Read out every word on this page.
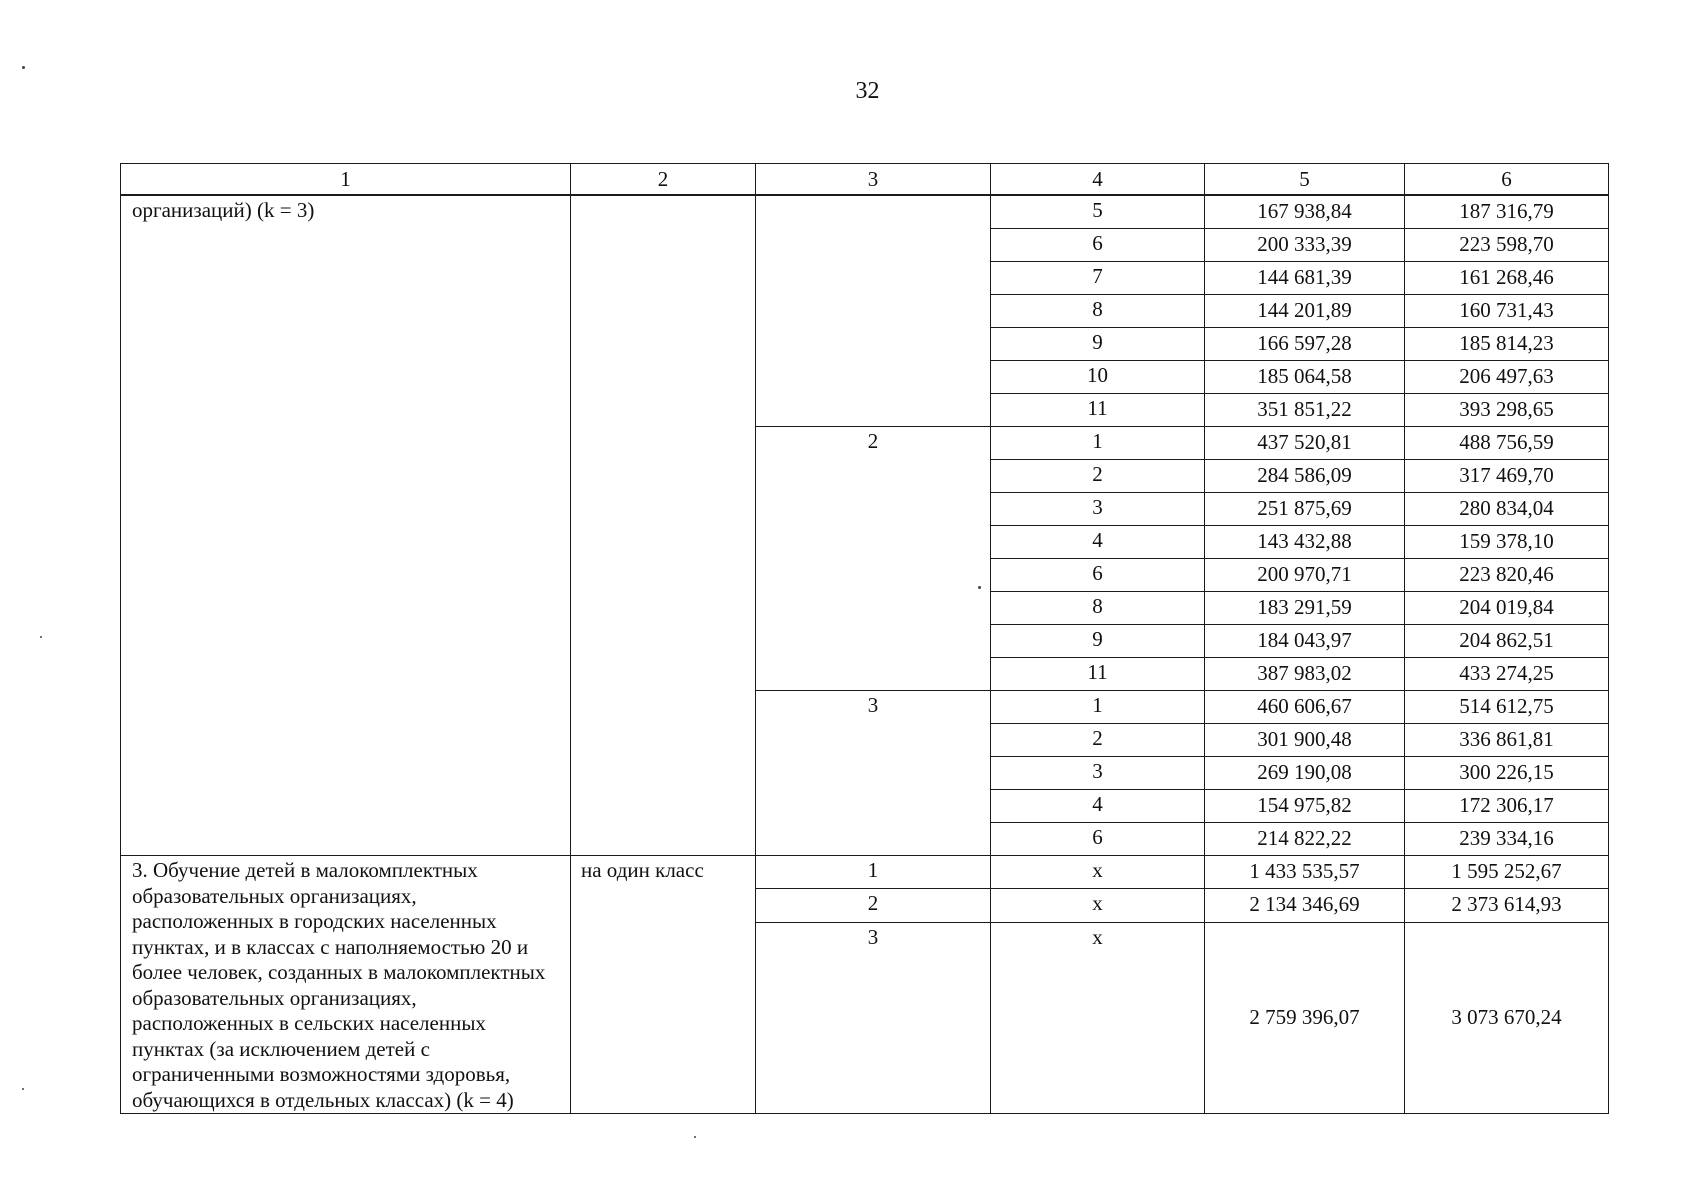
32
1	2	3	4	5	6
организаций) (k = 3)			5	167 938,84	187 316,79
			6	200 333,39	223 598,70
			7	144 681,39	161 268,46
			8	144 201,89	160 731,43
			9	166 597,28	185 814,23
			10	185 064,58	206 497,63
			11	351 851,22	393 298,65
		2	1	437 520,81	488 756,59
			2	284 586,09	317 469,70
			3	251 875,69	280 834,04
			4	143 432,88	159 378,10
			6	200 970,71	223 820,46
			8	183 291,59	204 019,84
			9	184 043,97	204 862,51
			11	387 983,02	433 274,25
		3	1	460 606,67	514 612,75
			2	301 900,48	336 861,81
			3	269 190,08	300 226,15
			4	154 975,82	172 306,17
			6	214 822,22	239 334,16
3. Обучение детей в малокомплектных образовательных организациях, расположенных в городских населенных пунктах, и в классах с наполняемостью 20 и более человек, созданных в малокомплектных образовательных организациях, расположенных в сельских населенных пунктах (за исключением детей с ограниченными возможностями здоровья, обучающихся в отдельных классах) (k = 4)	на один класс	1	x	1 433 535,57	1 595 252,67
		2	x	2 134 346,69	2 373 614,93
		3	x	2 759 396,07	3 073 670,24
